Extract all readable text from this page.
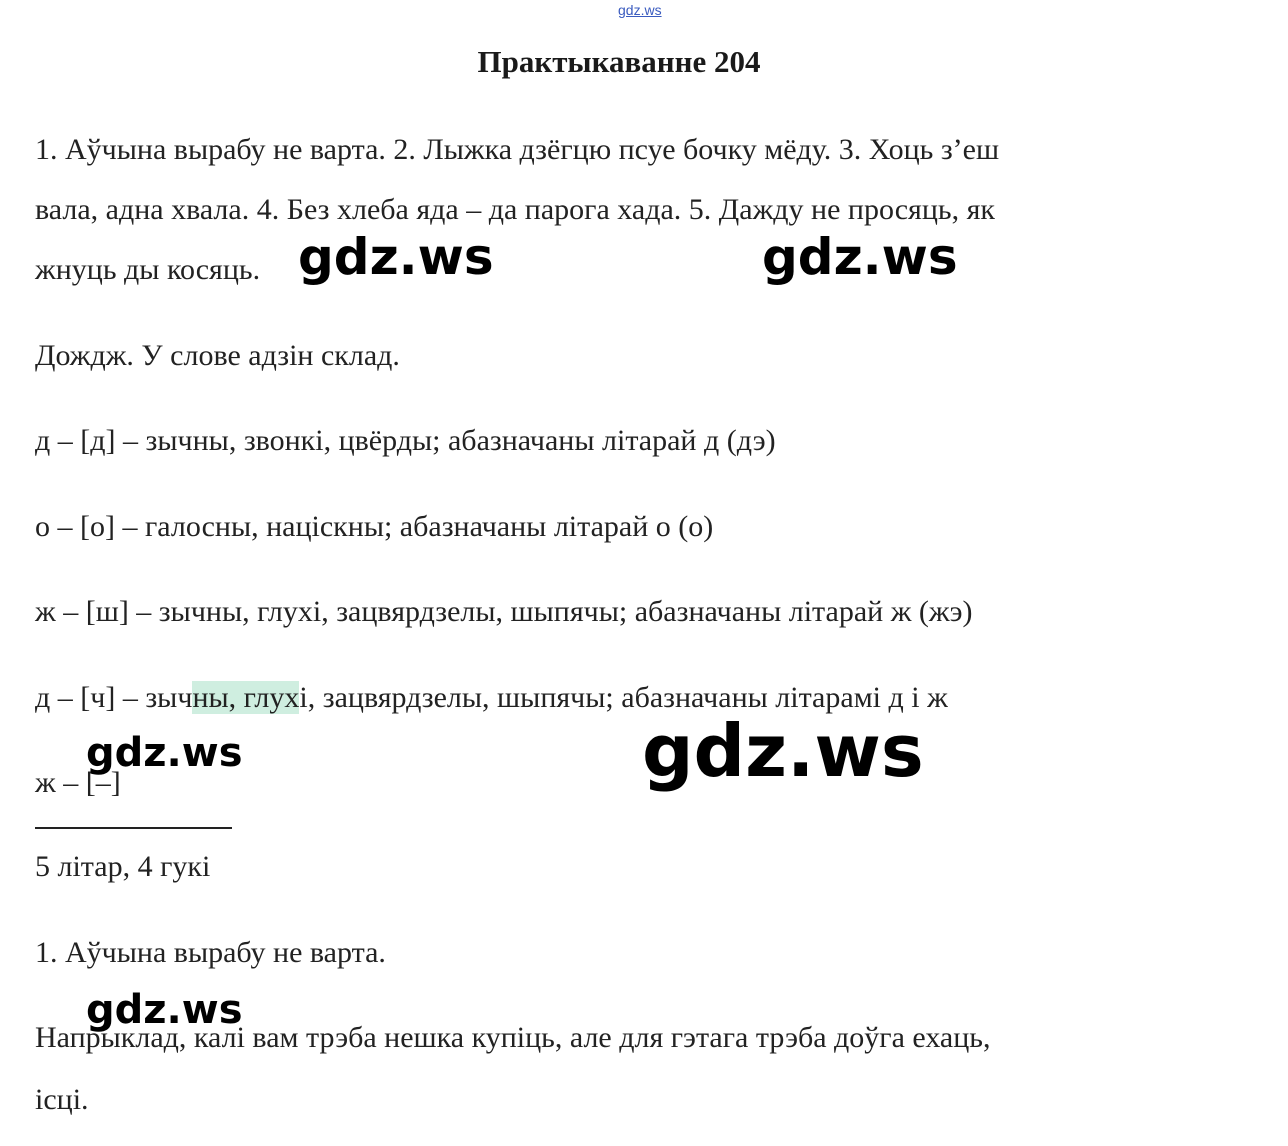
gdz.ws
Практыкаванне 204
1. Аўчына вырабу не варта. 2. Лыжка дзёгцю псуе бочку мёду. 3. Хоць з’еш
вала, адна хвала. 4. Без хлеба яда – да парога хада. 5. Дажду не просяць, як
жнуць ды косяць.
Дождж. У слове адзін склад.
д – [д] – зычны, звонкі, цвёрды; абазначаны літарай д (дэ)
о – [о] – галосны, націскны; абазначаны літарай о (о)
ж – [ш] – зычны, глухі, зацвярдзелы, шыпячы; абазначаны літарай ж (жэ)
д – [ч] – зычны, глухі, зацвярдзелы, шыпячы; абазначаны літарамі д і ж
ж – [–]
5 літар, 4 гукі
1. Аўчына вырабу не варта.
Напрыклад, калі вам трэба нешка купіць, але для гэтага трэба доўга ехаць,
ісці.
gdz.ws	gdz.ws
gdz.ws	gdz.ws
gdz.ws
